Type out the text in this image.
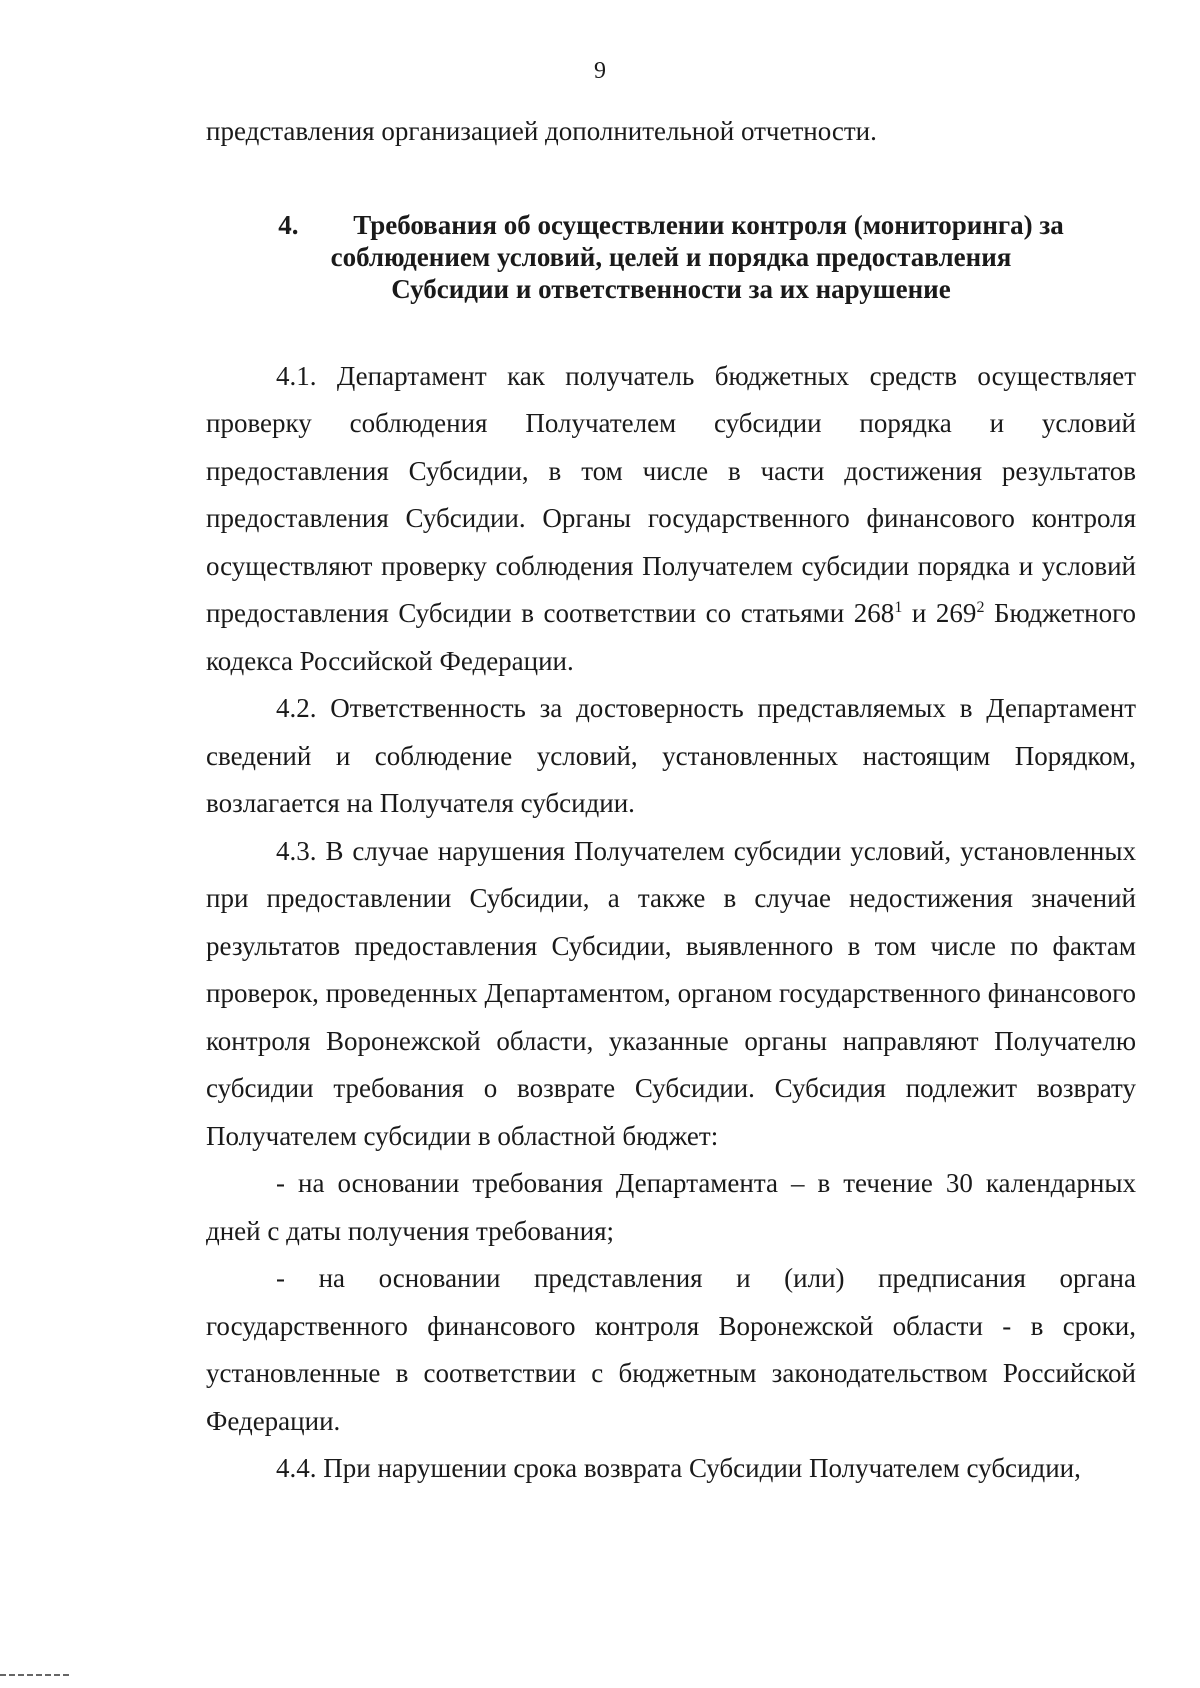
9

представления организацией дополнительной отчетности.

4. Требования об осуществлении контроля (мониторинга) за
соблюдением условий, целей и порядка предоставления
Субсидии и ответственности за их нарушение

4.1. Департамент как получатель бюджетных средств осуществляет проверку соблюдения Получателем субсидии порядка и условий предоставления Субсидии, в том числе в части достижения результатов предоставления Субсидии. Органы государственного финансового контроля осуществляют проверку соблюдения Получателем субсидии порядка и условий предоставления Субсидии в соответствии со статьями $268^1$ и $269^2$ Бюджетного кодекса Российской Федерации.

4.2. Ответственность за достоверность представляемых в Департамент сведений и соблюдение условий, установленных настоящим Порядком, возлагается на Получателя субсидии.

4.3. В случае нарушения Получателем субсидии условий, установленных при предоставлении Субсидии, а также в случае недостижения значений результатов предоставления Субсидии, выявленного в том числе по фактам проверок, проведенных Департаментом, органом государственного финансового контроля Воронежской области, указанные органы направляют Получателю субсидии требования о возврате Субсидии. Субсидия подлежит возврату Получателем субсидии в областной бюджет:

- на основании требования Департамента – в течение 30 календарных дней с даты получения требования;

- на основании представления и (или) предписания органа государственного финансового контроля Воронежской области - в сроки, установленные в соответствии с бюджетным законодательством Российской Федерации.

4.4. При нарушении срока возврата Субсидии Получателем субсидии,
